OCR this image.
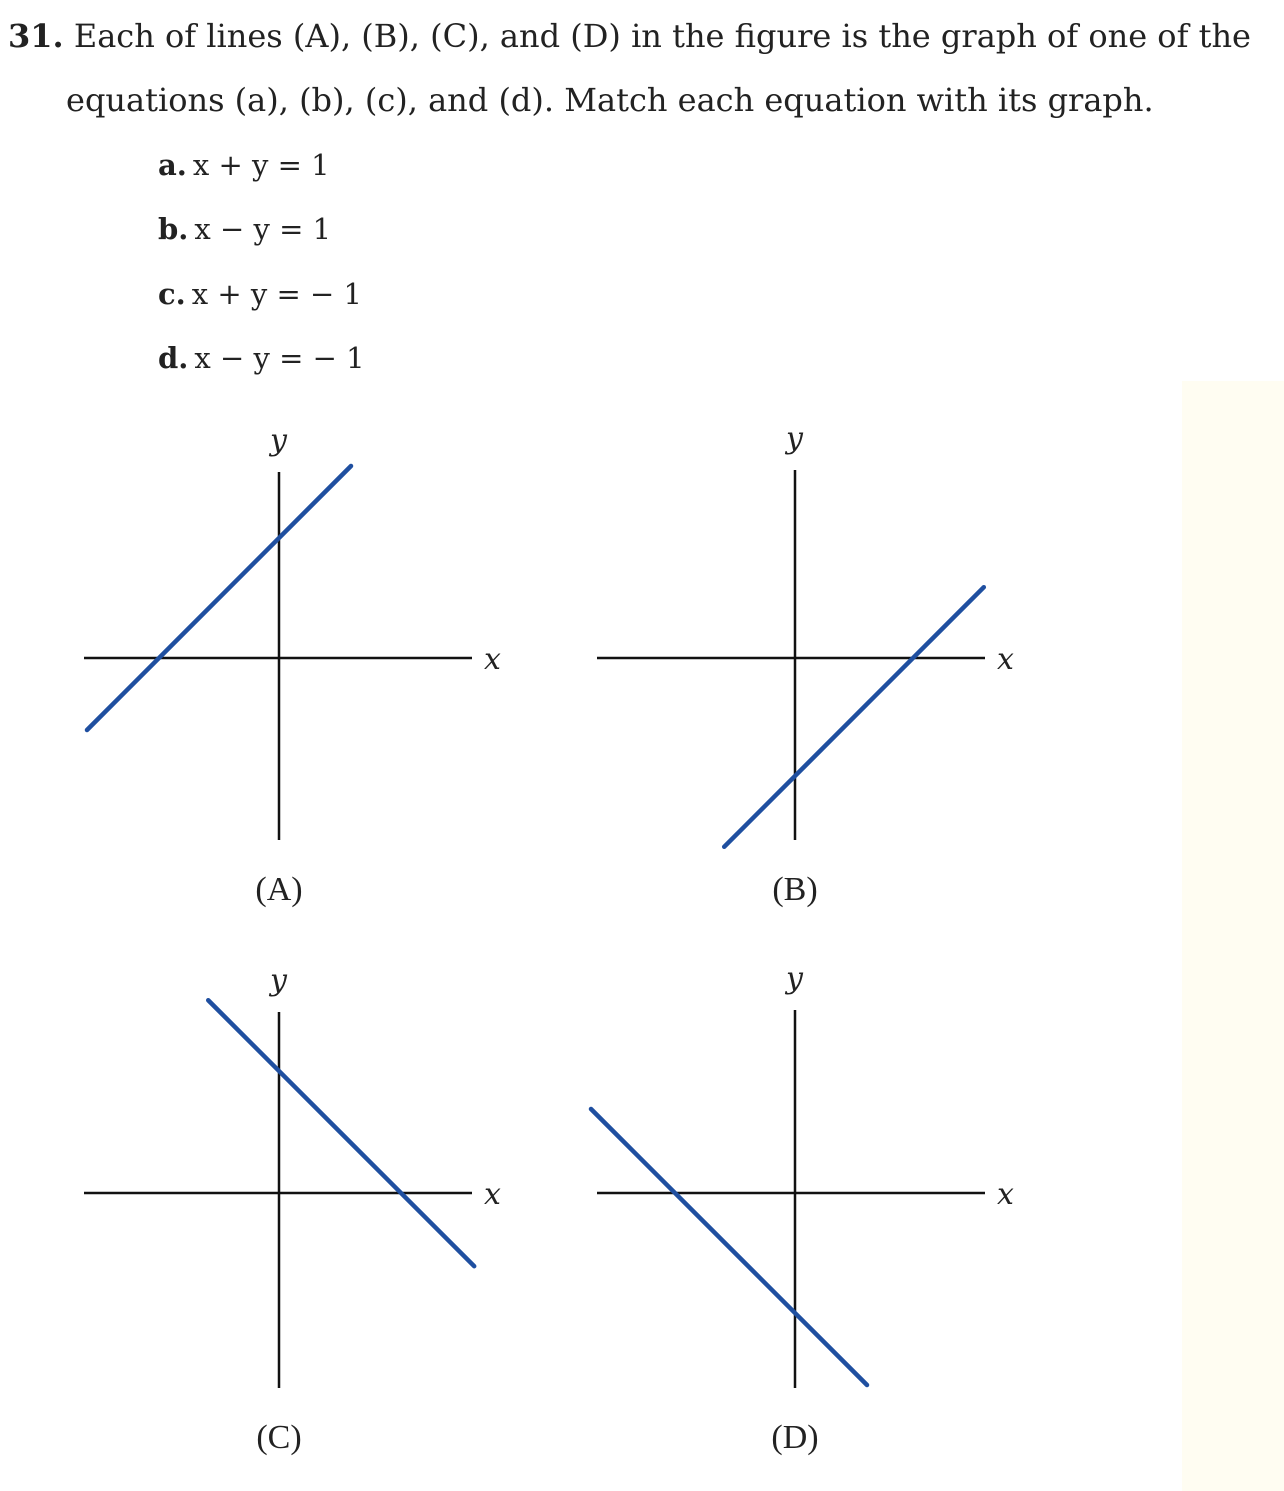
31. Each of lines (A), (B), (C), and (D) in the figure is the graph of one of the
equations (a), (b), (c), and (d). Match each equation with its graph.
a. x + y = 1
b. x − y = 1
c. x + y = − 1
d. x − y = − 1
x
y
(A)
x
y
(B)
x
y
(C)
x
y
(D)
